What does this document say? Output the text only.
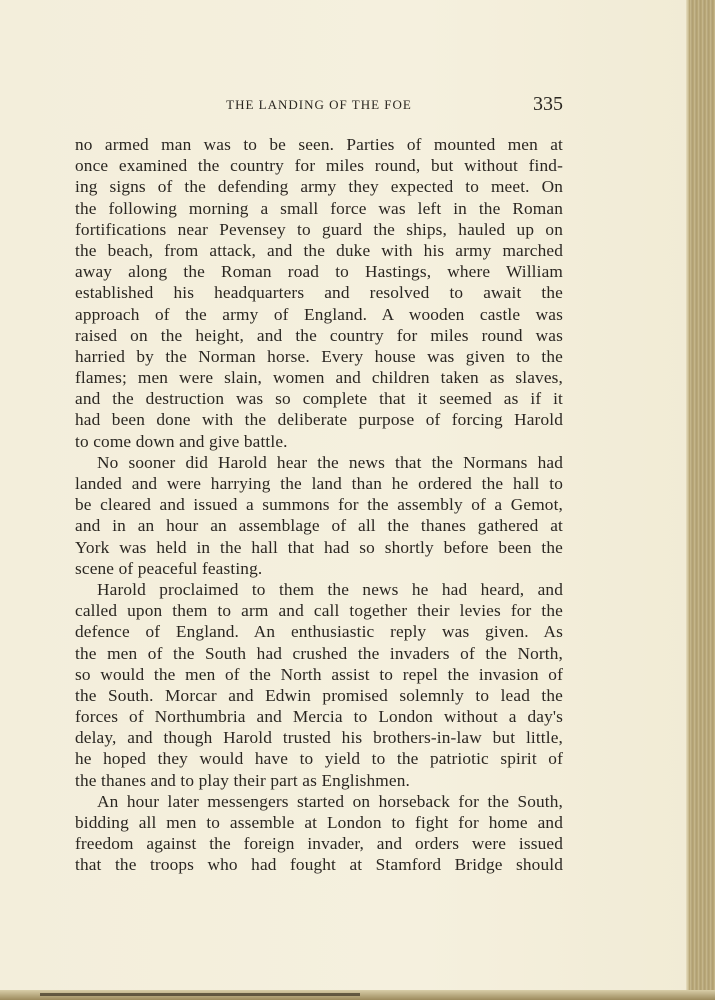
THE LANDING OF THE FOE	335
no armed man was to be seen. Parties of mounted men at
once examined the country for miles round, but without find-
ing signs of the defending army they expected to meet. On
the following morning a small force was left in the Roman
fortifications near Pevensey to guard the ships, hauled up on
the beach, from attack, and the duke with his army marched
away along the Roman road to Hastings, where William
established his headquarters and resolved to await the
approach of the army of England. A wooden castle was
raised on the height, and the country for miles round was
harried by the Norman horse. Every house was given to the
flames; men were slain, women and children taken as slaves,
and the destruction was so complete that it seemed as if it
had been done with the deliberate purpose of forcing Harold
to come down and give battle.
No sooner did Harold hear the news that the Normans had
landed and were harrying the land than he ordered the hall to
be cleared and issued a summons for the assembly of a Gemot,
and in an hour an assemblage of all the thanes gathered at
York was held in the hall that had so shortly before been the
scene of peaceful feasting.
Harold proclaimed to them the news he had heard, and
called upon them to arm and call together their levies for the
defence of England. An enthusiastic reply was given. As
the men of the South had crushed the invaders of the North,
so would the men of the North assist to repel the invasion of
the South. Morcar and Edwin promised solemnly to lead the
forces of Northumbria and Mercia to London without a day's
delay, and though Harold trusted his brothers-in-law but little,
he hoped they would have to yield to the patriotic spirit of
the thanes and to play their part as Englishmen.
An hour later messengers started on horseback for the South,
bidding all men to assemble at London to fight for home and
freedom against the foreign invader, and orders were issued
that the troops who had fought at Stamford Bridge should
